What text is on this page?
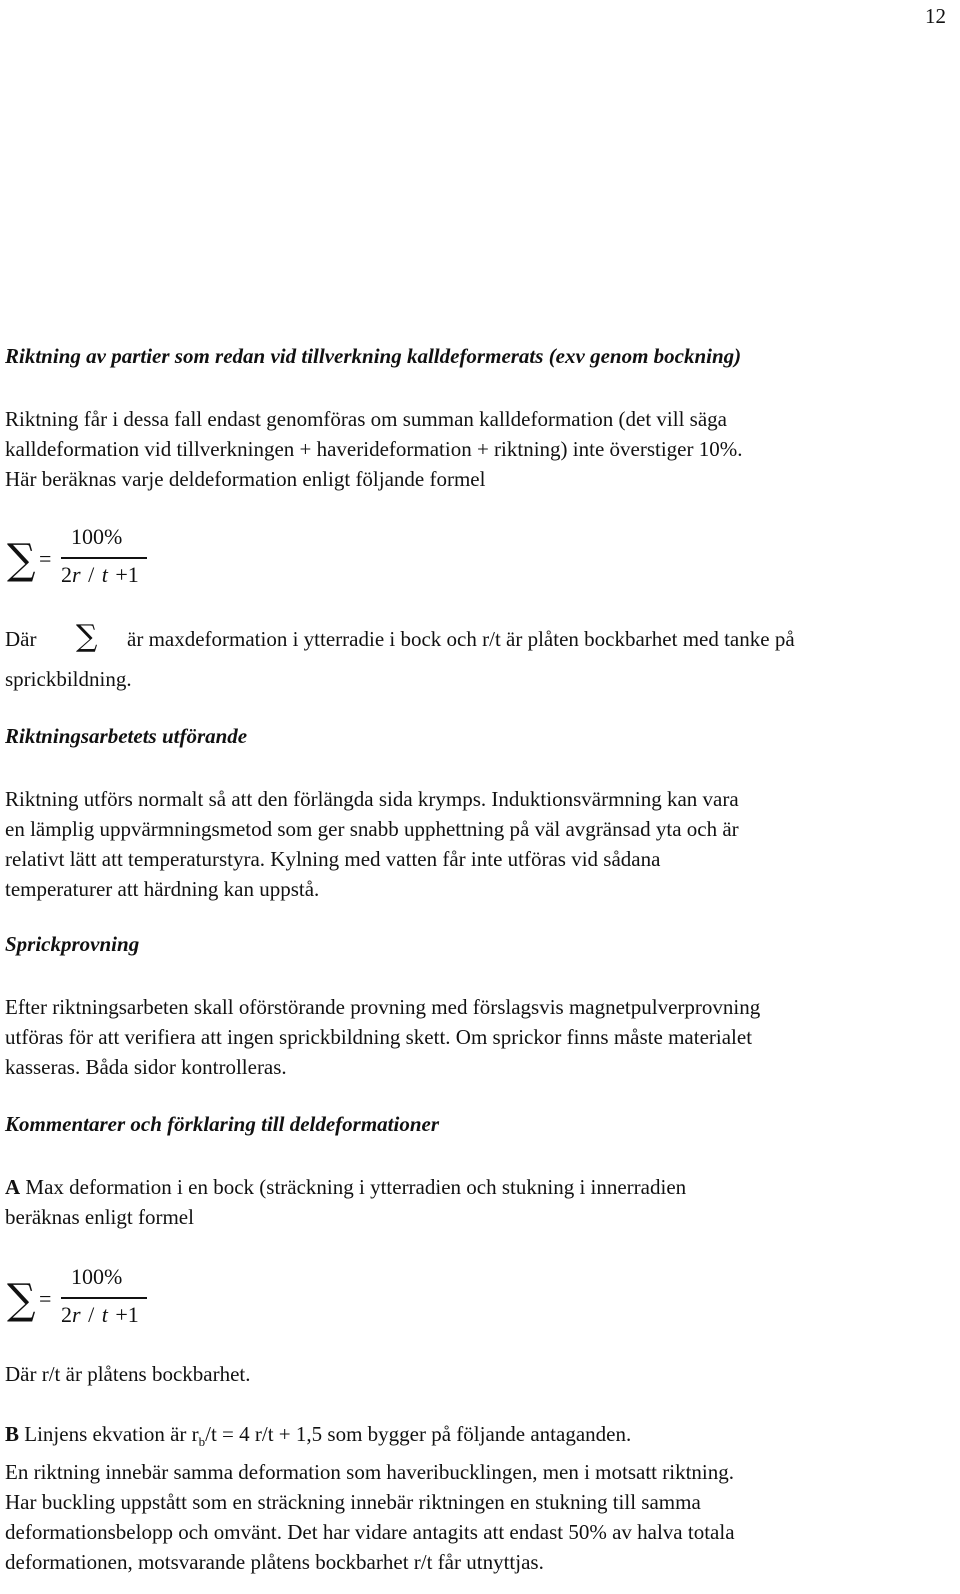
12
Riktning av partier som redan vid tillverkning kalldeformerats (exv genom bockning)

Riktning får i dessa fall endast genomföras om summan kalldeformation (det vill säga

kalldeformation vid tillverkningen + haverideformation + riktning) inte överstiger 10%.

Här beräknas varje deldeformation enligt följande formel

∑ =
100%
2r / t +1
Där ∑ är maxdeformation i ytterradie i bock och r/t är plåten bockbarhet med tanke på
sprickbildning.
Riktningsarbetets utförande

Riktning utförs normalt så att den förlängda sida krymps. Induktionsvärmning kan vara

en lämplig uppvärmningsmetod som ger snabb upphettning på väl avgränsad yta och är

relativt lätt att temperaturstyra. Kylning med vatten får inte utföras vid sådana

temperaturer att härdning kan uppstå.

Sprickprovning

Efter riktningsarbeten skall oförstörande provning med förslagsvis magnetpulverprovning

utföras för att verifiera att ingen sprickbildning skett. Om sprickor finns måste materialet

kasseras. Båda sidor kontrolleras.

Kommentarer och förklaring till deldeformationer

A Max deformation i en bock (sträckning i ytterradien och stukning i innerradien

beräknas enligt formel

∑ =
100%
2r / t +1
Där r/t är plåtens bockbarhet.

B Linjens ekvation är $r_b/t = 4$ r/t + 1,5 som bygger på följande antaganden.

En riktning innebär samma deformation som haveribucklingen, men i motsatt riktning.

Har buckling uppstått som en sträckning innebär riktningen en stukning till samma

deformationsbelopp och omvänt. Det har vidare antagits att endast 50% av halva totala

deformationen, motsvarande plåtens bockbarhet r/t får utnyttjas.
